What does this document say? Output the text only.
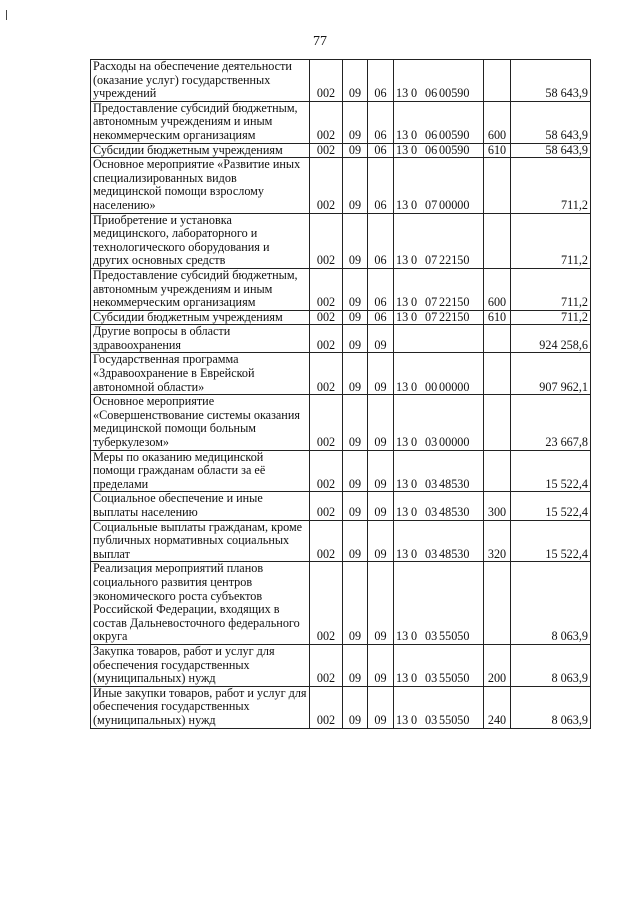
77
Расходы на обеспечение деятельности (оказание услуг) государственных учреждений	002	09	06	13 0 06 00590		58 643,9
Предоставление субсидий бюджетным, автономным учреждениям и иным некоммерческим организациям	002	09	06	13 0 06 00590	600	58 643,9
Субсидии бюджетным учреждениям	002	09	06	13 0 06 00590	610	58 643,9
Основное мероприятие «Развитие иных специализированных видов медицинской помощи взрослому населению»	002	09	06	13 0 07 00000		711,2
Приобретение и установка медицинского, лабораторного и технологического оборудования и других основных средств	002	09	06	13 0 07 22150		711,2
Предоставление субсидий бюджетным, автономным учреждениям и иным некоммерческим организациям	002	09	06	13 0 07 22150	600	711,2
Субсидии бюджетным учреждениям	002	09	06	13 0 07 22150	610	711,2
Другие вопросы в области здравоохранения	002	09	09			924 258,6
Государственная программа «Здравоохранение в Еврейской автономной области»	002	09	09	13 0 00 00000		907 962,1
Основное мероприятие «Совершенствование системы оказания медицинской помощи больным туберкулезом»	002	09	09	13 0 03 00000		23 667,8
Меры по оказанию медицинской помощи гражданам области за её пределами	002	09	09	13 0 03 48530		15 522,4
Социальное обеспечение и иные выплаты населению	002	09	09	13 0 03 48530	300	15 522,4
Социальные выплаты гражданам, кроме публичных нормативных социальных выплат	002	09	09	13 0 03 48530	320	15 522,4
Реализация мероприятий планов социального развития центров экономического роста субъектов Российской Федерации, входящих в состав Дальневосточного федерального округа	002	09	09	13 0 03 55050		8 063,9
Закупка товаров, работ и услуг для обеспечения государственных (муниципальных) нужд	002	09	09	13 0 03 55050	200	8 063,9
Иные закупки товаров, работ и услуг для обеспечения государственных (муниципальных) нужд	002	09	09	13 0 03 55050	240	8 063,9
